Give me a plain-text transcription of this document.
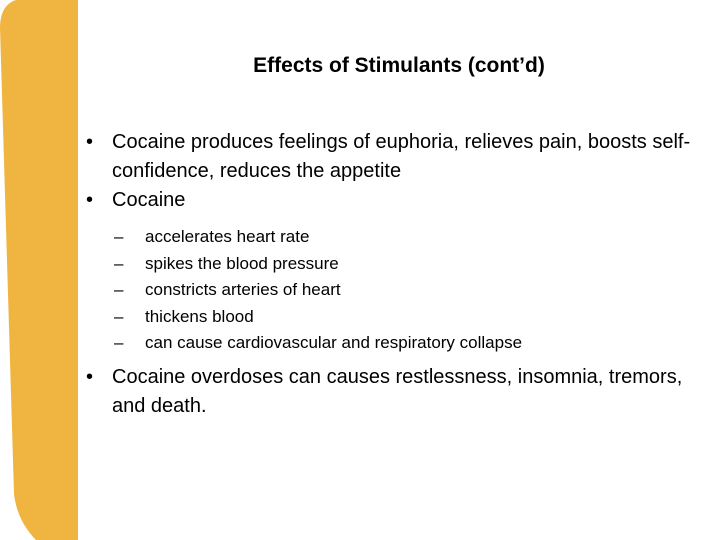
Effects of Stimulants (cont’d)
• Cocaine produces feelings of euphoria, relieves pain, boosts self-confidence, reduces the appetite
• Cocaine
– accelerates heart rate
– spikes the blood pressure
– constricts arteries of heart
– thickens blood
– can cause cardiovascular and respiratory collapse
• Cocaine overdoses can causes restlessness, insomnia, tremors, and death.
